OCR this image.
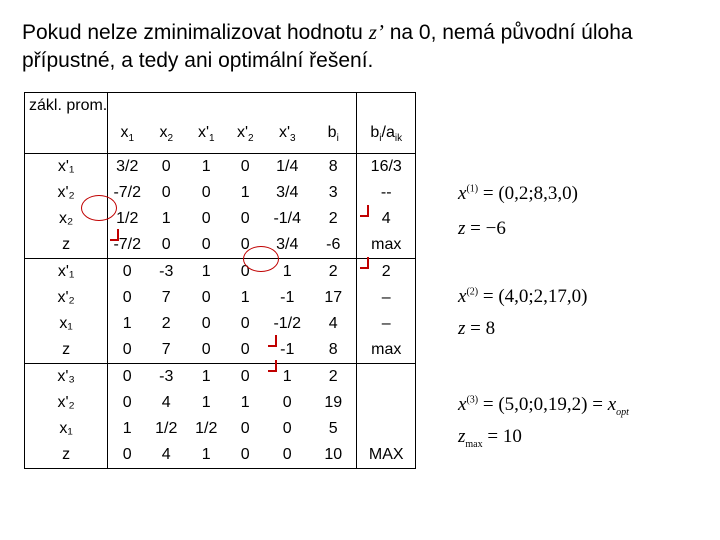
Pokud nelze zminimalizovat hodnotu z’ na 0, nemá původní úloha přípustné, a tedy ani optimální řešení.
zákl. prom.	$x_1$	$x_2$	$x'_1$	$x'_2$	$x'_3$	$b_i$	$b_i/a_{ik}$
x'₁	3/2	0	1	0	1/4	8	16/3
x'₂	-7/2	0	0	1	3/4	3	--
x₂	1/2	1	0	0	-1/4	2	4
z	-7/2	0	0	0	3/4	-6	max
x'₁	0	-3	1	0	1	2	2
x'₂	0	7	0	1	-1	17	–
x₁	1	2	0	0	-1/2	4	–
z	0	7	0	0	-1	8	max
x'₃	0	-3	1	0	1	2	
x'₂	0	4	1	1	0	19	
x₁	1	1/2	1/2	0	0	5	
z	0	4	1	0	0	10	MAX
$x^{(1)}$ = (0,2;8,3,0)
z = −6
$x^{(2)}$ = (4,0;2,17,0)
z = 8
$x^{(3)}$ = (5,0;0,19,2) = $x_{opt}$
$z_{max} = 10$
